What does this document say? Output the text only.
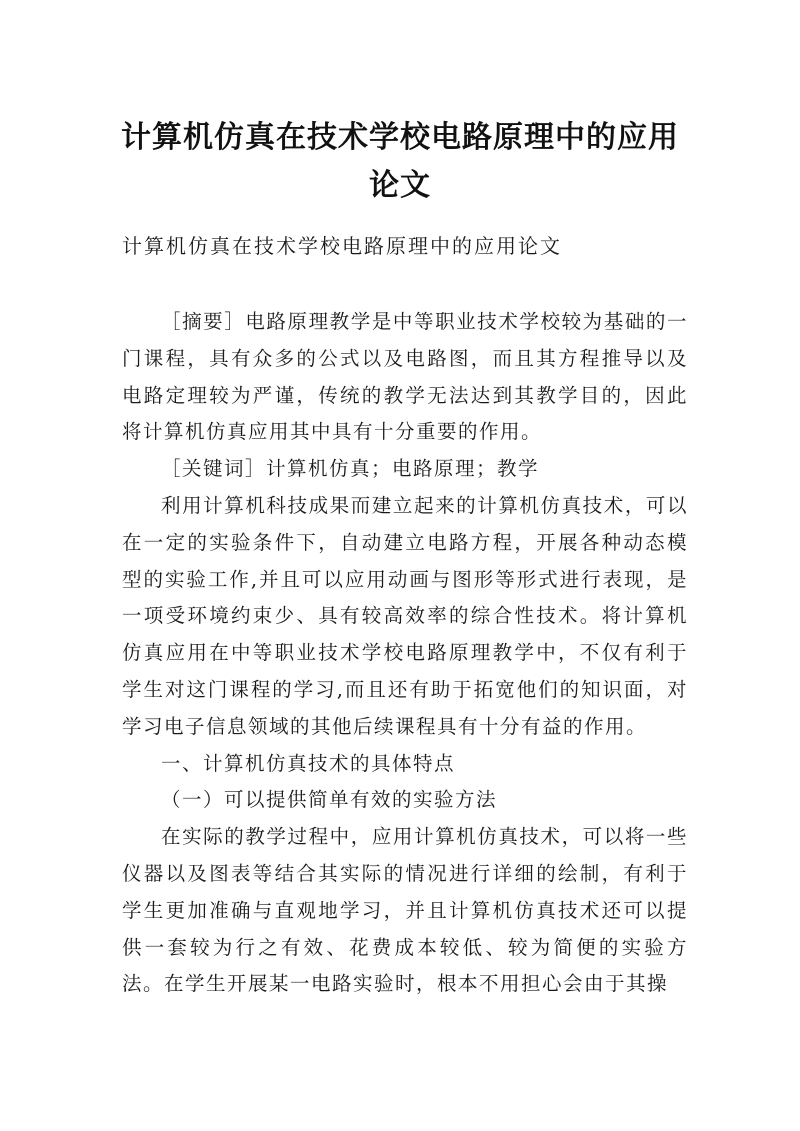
计算机仿真在技术学校电路原理中的应用
论文
计算机仿真在技术学校电路原理中的应用论文

［摘要］电路原理教学是中等职业技术学校较为基础的一门课程，具有众多的公式以及电路图，而且其方程推导以及电路定理较为严谨，传统的教学无法达到其教学目的，因此将计算机仿真应用其中具有十分重要的作用。

［关键词］计算机仿真；电路原理；教学

利用计算机科技成果而建立起来的计算机仿真技术，可以在一定的实验条件下，自动建立电路方程，开展各种动态模型的实验工作,并且可以应用动画与图形等形式进行表现，是一项受环境约束少、具有较高效率的综合性技术。将计算机仿真应用在中等职业技术学校电路原理教学中，不仅有利于学生对这门课程的学习,而且还有助于拓宽他们的知识面，对学习电子信息领域的其他后续课程具有十分有益的作用。

一、计算机仿真技术的具体特点

（一）可以提供简单有效的实验方法

在实际的教学过程中，应用计算机仿真技术，可以将一些仪器以及图表等结合其实际的情况进行详细的绘制，有利于学生更加准确与直观地学习，并且计算机仿真技术还可以提供一套较为行之有效、花费成本较低、较为简便的实验方法。在学生开展某一电路实验时，根本不用担心会由于其操
